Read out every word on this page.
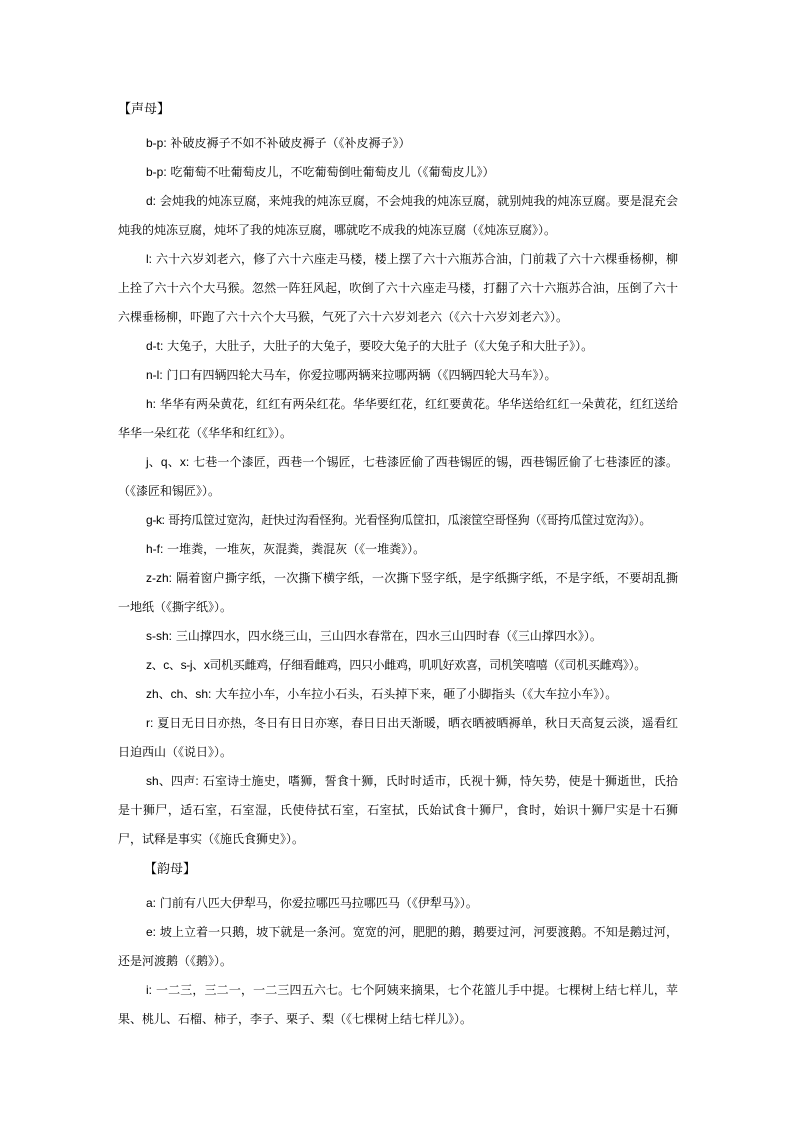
【声母】

b-p: 补破皮褥子不如不补破皮褥子（《补皮褥子》）

b-p: 吃葡萄不吐葡萄皮儿，不吃葡萄倒吐葡萄皮儿（《葡萄皮儿》）

d: 会炖我的炖冻豆腐，来炖我的炖冻豆腐，不会炖我的炖冻豆腐，就别炖我的炖冻豆腐。要是混充会炖我的炖冻豆腐，炖坏了我的炖冻豆腐，哪就吃不成我的炖冻豆腐（《炖冻豆腐》）。

l: 六十六岁刘老六，修了六十六座走马楼，楼上摆了六十六瓶苏合油，门前栽了六十六棵垂杨柳，柳上拴了六十六个大马猴。忽然一阵狂风起，吹倒了六十六座走马楼，打翻了六十六瓶苏合油，压倒了六十六棵垂杨柳，吓跑了六十六个大马猴，气死了六十六岁刘老六（《六十六岁刘老六》）。

d-t: 大兔子，大肚子，大肚子的大兔子，要咬大兔子的大肚子（《大兔子和大肚子》）。

n-l: 门口有四辆四轮大马车，你爱拉哪两辆来拉哪两辆（《四辆四轮大马车》）。

h: 华华有两朵黄花，红红有两朵红花。华华要红花，红红要黄花。华华送给红红一朵黄花，红红送给华华一朵红花（《华华和红红》）。

j、q、x: 七巷一个漆匠，西巷一个锡匠，七巷漆匠偷了西巷锡匠的锡，西巷锡匠偷了七巷漆匠的漆。（《漆匠和锡匠》）。

g-k: 哥挎瓜筐过宽沟，赶快过沟看怪狗。光看怪狗瓜筐扣，瓜滚筐空哥怪狗（《哥挎瓜筐过宽沟》）。

h-f: 一堆粪，一堆灰，灰混粪，粪混灰（《一堆粪》）。

z-zh: 隔着窗户撕字纸，一次撕下横字纸，一次撕下竖字纸，是字纸撕字纸，不是字纸，不要胡乱撕一地纸（《撕字纸》）。

s-sh: 三山撑四水，四水绕三山，三山四水春常在，四水三山四时春（《三山撑四水》）。

z、c、s-j、x司机买雌鸡，仔细看雌鸡，四只小雌鸡，叽叽好欢喜，司机笑嘻嘻（《司机买雌鸡》）。

zh、ch、sh: 大车拉小车，小车拉小石头，石头掉下来，砸了小脚指头（《大车拉小车》）。

r: 夏日无日日亦热，冬日有日日亦寒，春日日出天渐暖，晒衣晒被晒褥单，秋日天高复云淡，遥看红日迫西山（《说日》）。

sh、四声: 石室诗士施史，嗜狮，誓食十狮，氏时时适市，氏视十狮，恃矢势，使是十狮逝世，氏拾是十狮尸，适石室，石室湿，氏使侍拭石室，石室拭，氏始试食十狮尸，食时，始识十狮尸实是十石狮尸，试释是事实（《施氏食狮史》）。

【韵母】

a: 门前有八匹大伊犁马，你爱拉哪匹马拉哪匹马（《伊犁马》）。

e: 坡上立着一只鹅，坡下就是一条河。宽宽的河，肥肥的鹅，鹅要过河，河要渡鹅。不知是鹅过河，还是河渡鹅（《鹅》）。

i: 一二三，三二一，一二三四五六七。七个阿姨来摘果，七个花篮儿手中提。七棵树上结七样儿，苹果、桃儿、石榴、柿子，李子、栗子、梨（《七棵树上结七样儿》）。
